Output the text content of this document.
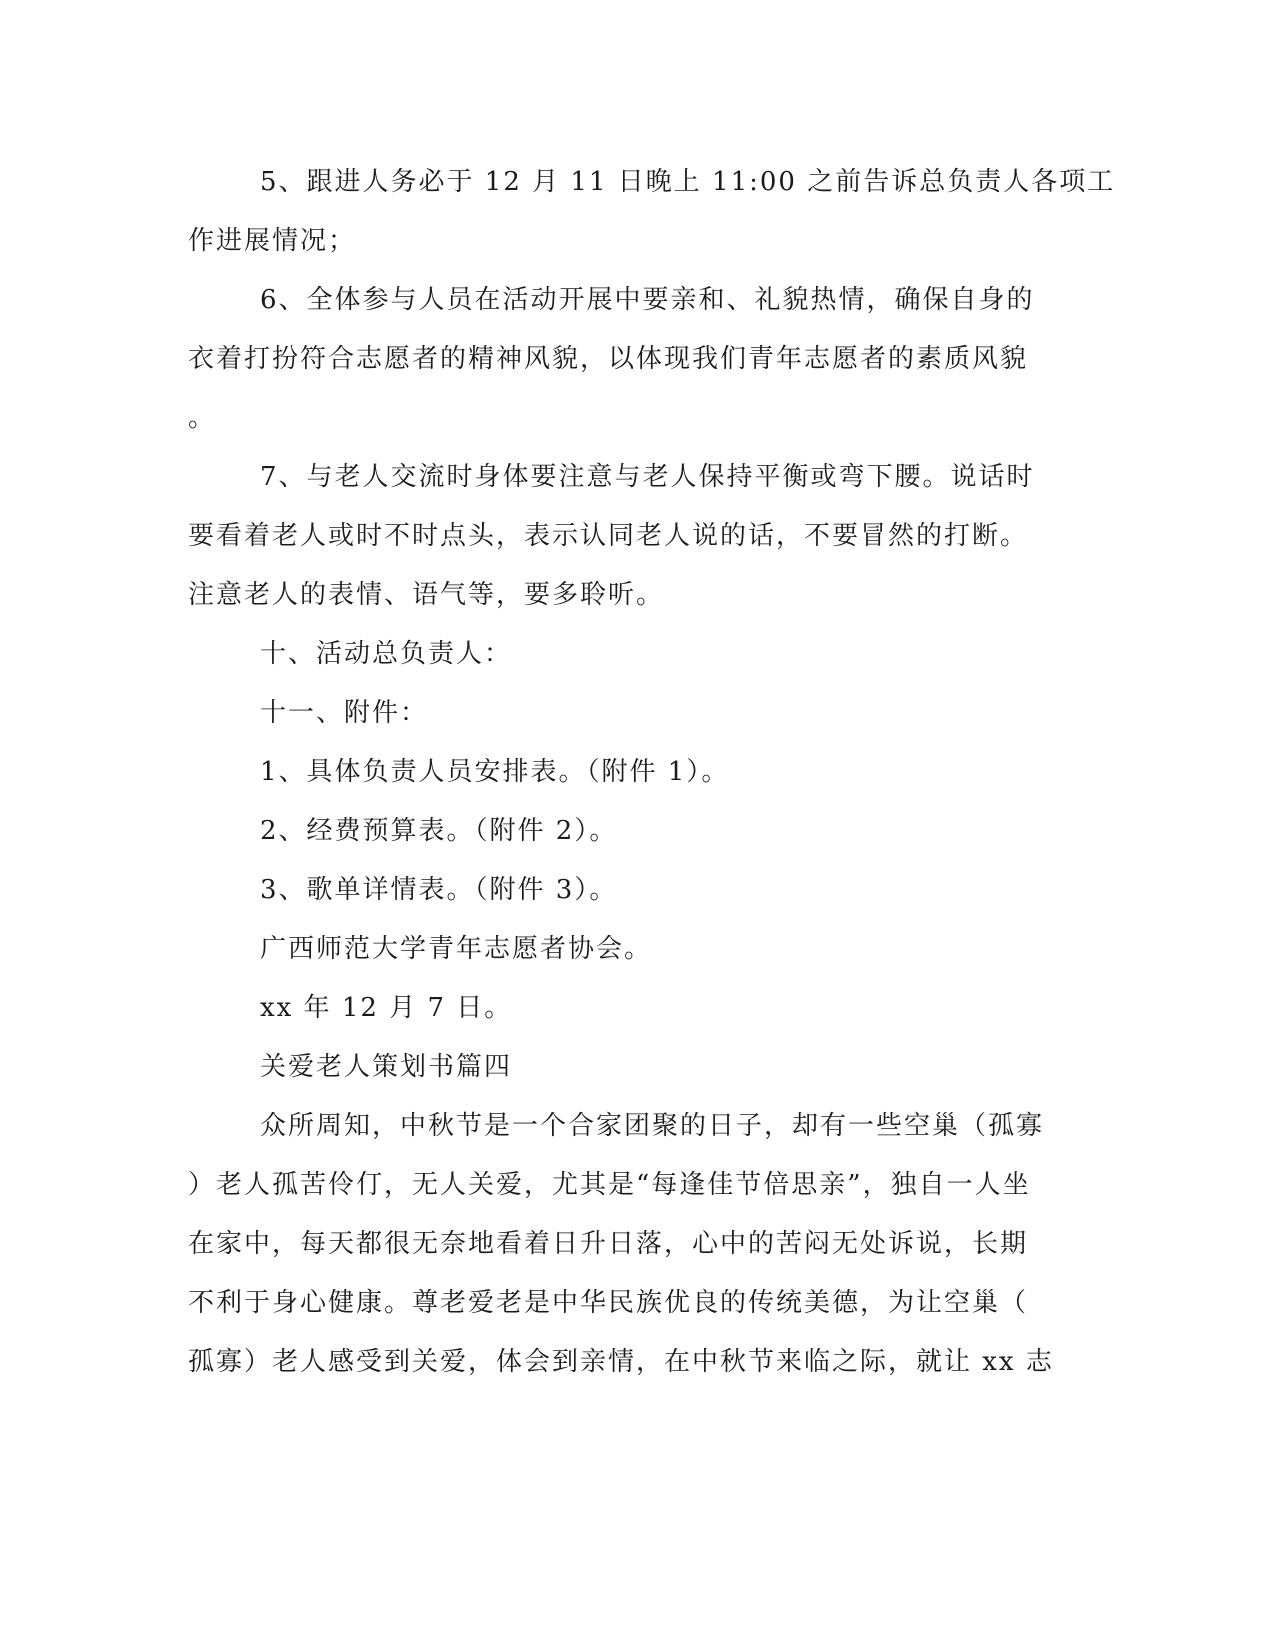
5、跟进人务必于 12 月 11 日晚上 11:00 之前告诉总负责人各项工
作进展情况；
6、全体参与人员在活动开展中要亲和、礼貌热情，确保自身的
衣着打扮符合志愿者的精神风貌，以体现我们青年志愿者的素质风貌
。
7、与老人交流时身体要注意与老人保持平衡或弯下腰。说话时
要看着老人或时不时点头，表示认同老人说的话，不要冒然的打断。
注意老人的表情、语气等，要多聆听。
十、活动总负责人：
十一、附件：
1、具体负责人员安排表。（附件 1）。
2、经费预算表。（附件 2）。
3、歌单详情表。（附件 3）。
广西师范大学青年志愿者协会。
xx 年 12 月 7 日。
关爱老人策划书篇四
众所周知，中秋节是一个合家团聚的日子，却有一些空巢（孤寡
）老人孤苦伶仃，无人关爱，尤其是“每逢佳节倍思亲”，独自一人坐
在家中，每天都很无奈地看着日升日落，心中的苦闷无处诉说，长期
不利于身心健康。尊老爱老是中华民族优良的传统美德，为让空巢（
孤寡）老人感受到关爱，体会到亲情，在中秋节来临之际，就让 xx 志
